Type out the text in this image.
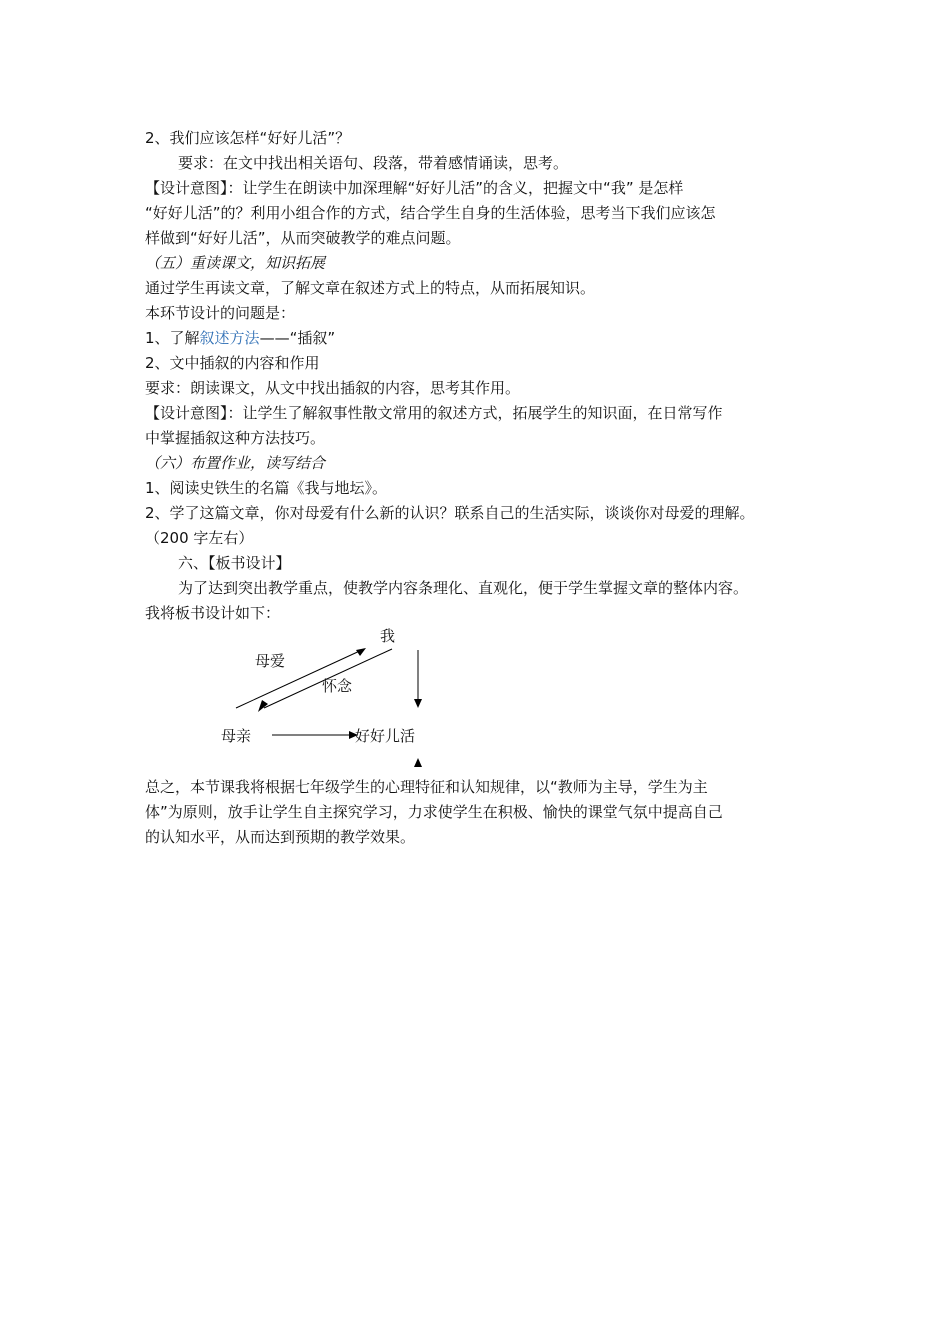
2、我们应该怎样“好好儿活”？
要求：在文中找出相关语句、段落，带着感情诵读，思考。
【设计意图】：让学生在朗读中加深理解“好好儿活”的含义，把握文中“我” 是怎样
“好好儿活”的？利用小组合作的方式，结合学生自身的生活体验，思考当下我们应该怎
样做到“好好儿活”，从而突破教学的难点问题。
（五）重读课文，知识拓展
通过学生再读文章，了解文章在叙述方式上的特点，从而拓展知识。
本环节设计的问题是：
1、了解叙述方法——“插叙”
2、文中插叙的内容和作用
要求：朗读课文，从文中找出插叙的内容，思考其作用。
【设计意图】：让学生了解叙事性散文常用的叙述方式，拓展学生的知识面，在日常写作
中掌握插叙这种方法技巧。
（六）布置作业，读写结合
1、阅读史铁生的名篇《我与地坛》。
2、学了这篇文章，你对母爱有什么新的认识？联系自己的生活实际，谈谈你对母爱的理解。
（200 字左右）
六、【板书设计】
为了达到突出教学重点，使教学内容条理化、直观化，便于学生掌握文章的整体内容。
我将板书设计如下：
我
母爱
怀念
母亲	好好儿活
总之，本节课我将根据七年级学生的心理特征和认知规律，以“教师为主导，学生为主
体”为原则，放手让学生自主探究学习，力求使学生在积极、愉快的课堂气氛中提高自己
的认知水平，从而达到预期的教学效果。
